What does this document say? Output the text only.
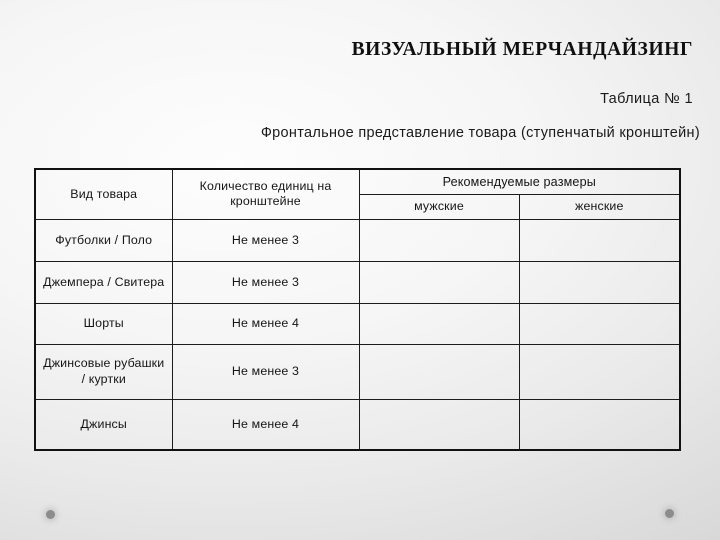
ВИЗУАЛЬНЫЙ МЕРЧАНДАЙЗИНГ
Таблица № 1
Фронтальное представление товара (ступенчатый кронштейн)
Вид товара	Количество единиц на кронштейне	Рекомендуемые размеры	
		мужские	женские
Футболки / Поло	Не менее 3		
Джемпера / Свитера	Не менее 3		
Шорты	Не менее 4		
Джинсовые рубашки / куртки	Не менее 3		
Джинсы	Не менее 4		
